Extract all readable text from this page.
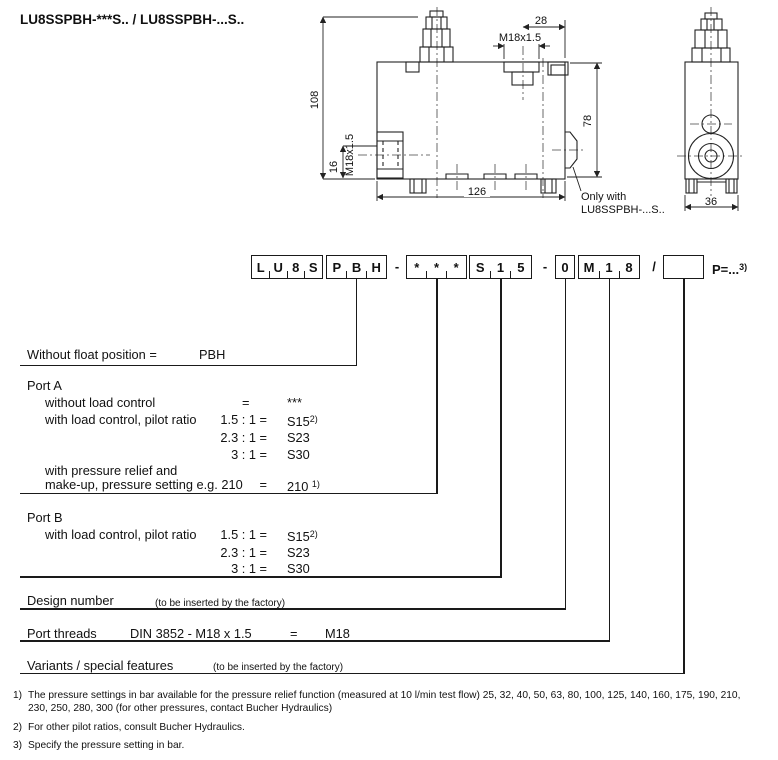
LU8SSPBH-***S.. / LU8SSPBH-...S..
108
16 M18x1.5
M18x1.5
28
78
126
36
Only with
LU8SSPBH-...S..
L U 8 S	P B H	-	*	*	*	S 1	5	-	0	M 1 8	/	P=...$^{3)}$
Without float position =	PBH
Port A
without load control	=	***
with load control, pilot ratio	1.5 : $1 = S15^{2)}$
2.3 : 1 = S23
3 : 1 = S30
with pressure relief and
make-up, pressure setting e.g. 210	= 210 $^{1)}$
Port B
with load control, pilot ratio	1.5 : $1 = S15^{2)}$
2.3 : 1 = S23
3 : 1 = S30
Design number	(to be inserted by the factory)
Port threads	DIN 3852 - M18 x 1.5	= M18
Variants / special features	(to be inserted by the factory)
1) The pressure settings in bar available for the pressure relief function (measured at 10 l/min test flow) 25, 32, 40, 50, 63, 80, 100, 125, 140, 160, 175, 190, 210,
230, 250, 280, 300 (for other pressures, contact Bucher Hydraulics)
2) For other pilot ratios, consult Bucher Hydraulics.
3) Specify the pressure setting in bar.
